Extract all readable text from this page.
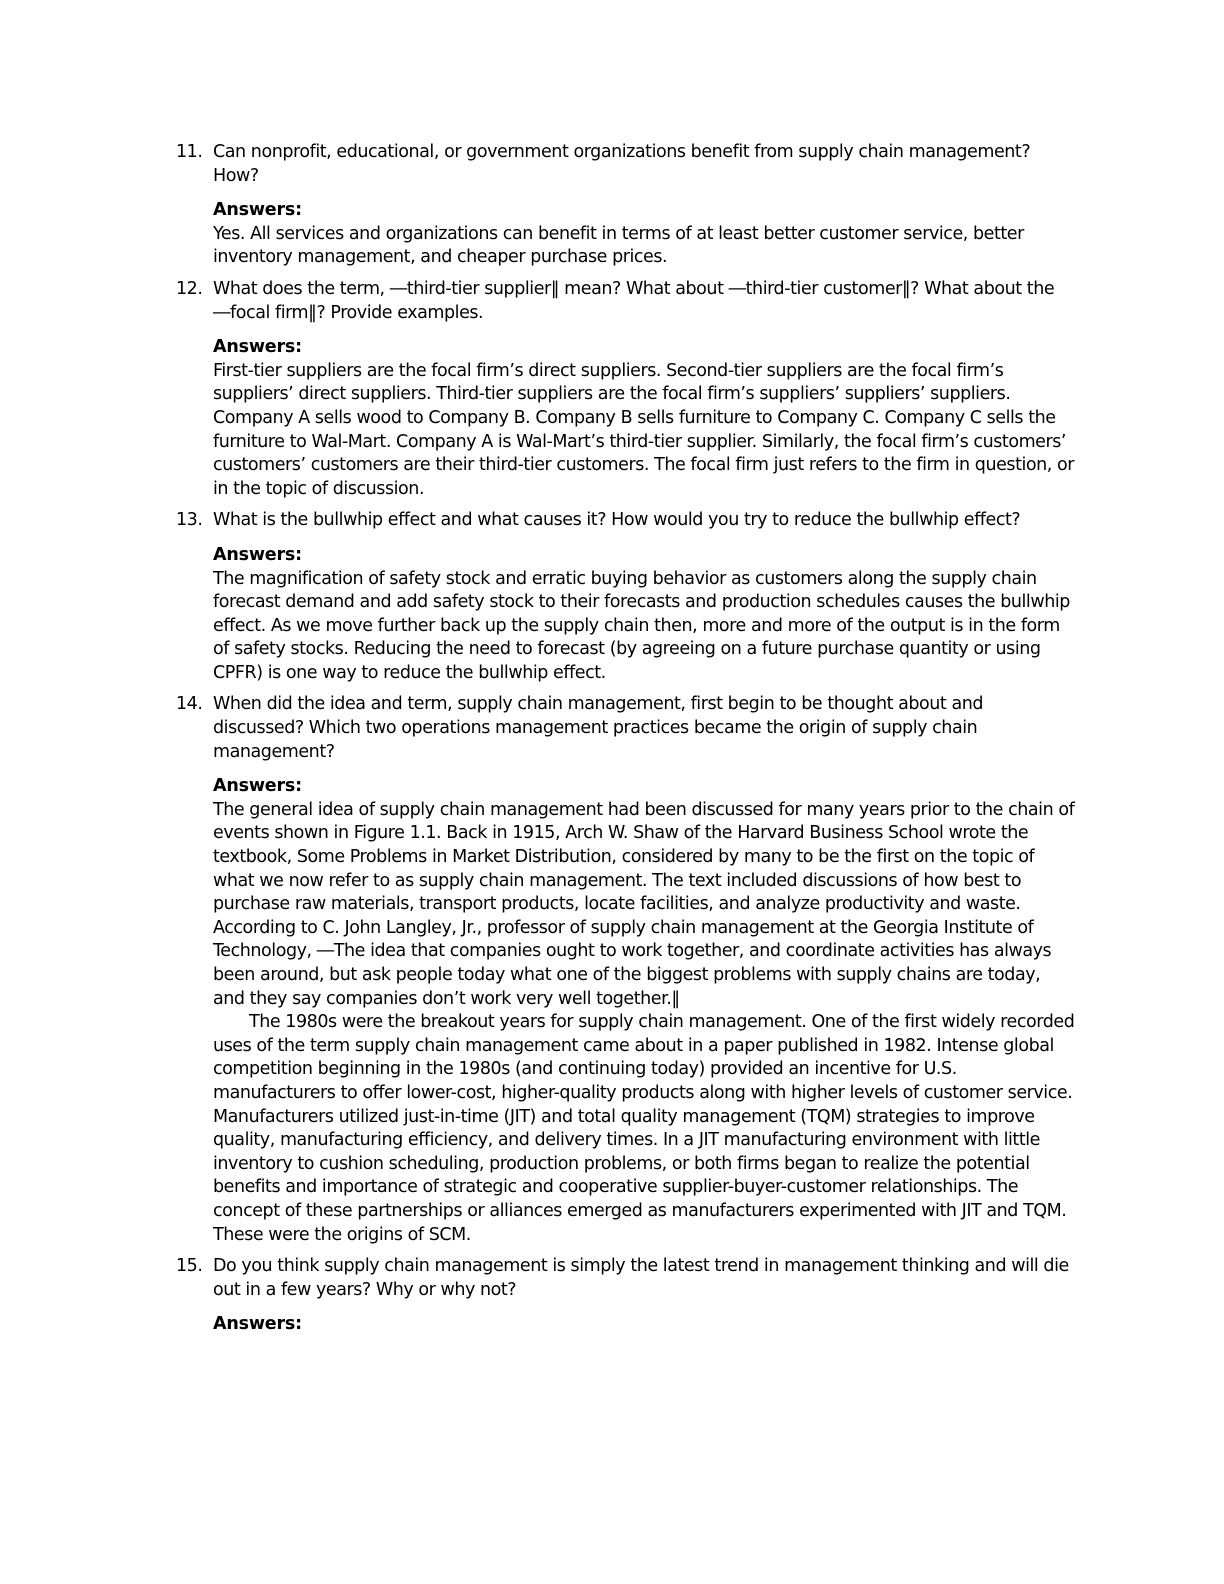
11. Can nonprofit, educational, or government organizations benefit from supply chain management? How?

Answers:

Yes. All services and organizations can benefit in terms of at least better customer service, better inventory management, and cheaper purchase prices.

12. What does the term, ―third-tier supplier‖ mean? What about ―third-tier customer‖? What about the ―focal firm‖? Provide examples.

Answers:

First-tier suppliers are the focal firm’s direct suppliers. Second-tier suppliers are the focal firm’s suppliers’ direct suppliers. Third-tier suppliers are the focal firm’s suppliers’ suppliers’ suppliers. Company A sells wood to Company B. Company B sells furniture to Company C. Company C sells the furniture to Wal-Mart. Company A is Wal-Mart’s third-tier supplier. Similarly, the focal firm’s customers’ customers’ customers are their third-tier customers. The focal firm just refers to the firm in question, or in the topic of discussion.

13. What is the bullwhip effect and what causes it? How would you try to reduce the bullwhip effect?

Answers:

The magnification of safety stock and erratic buying behavior as customers along the supply chain forecast demand and add safety stock to their forecasts and production schedules causes the bullwhip effect. As we move further back up the supply chain then, more and more of the output is in the form of safety stocks. Reducing the need to forecast (by agreeing on a future purchase quantity or using CPFR) is one way to reduce the bullwhip effect.

14. When did the idea and term, supply chain management, first begin to be thought about and discussed? Which two operations management practices became the origin of supply chain management?

Answers:

The general idea of supply chain management had been discussed for many years prior to the chain of events shown in Figure 1.1. Back in 1915, Arch W. Shaw of the Harvard Business School wrote the textbook, Some Problems in Market Distribution, considered by many to be the first on the topic of what we now refer to as supply chain management. The text included discussions of how best to purchase raw materials, transport products, locate facilities, and analyze productivity and waste. According to C. John Langley, Jr., professor of supply chain management at the Georgia Institute of Technology, ―The idea that companies ought to work together, and coordinate activities has always been around, but ask people today what one of the biggest problems with supply chains are today, and they say companies don’t work very well together.‖

The 1980s were the breakout years for supply chain management. One of the first widely recorded uses of the term supply chain management came about in a paper published in 1982. Intense global competition beginning in the 1980s (and continuing today) provided an incentive for U.S. manufacturers to offer lower-cost, higher-quality products along with higher levels of customer service. Manufacturers utilized just-in-time (JIT) and total quality management (TQM) strategies to improve quality, manufacturing efficiency, and delivery times. In a JIT manufacturing environment with little inventory to cushion scheduling, production problems, or both firms began to realize the potential benefits and importance of strategic and cooperative supplier-buyer-customer relationships. The concept of these partnerships or alliances emerged as manufacturers experimented with JIT and TQM. These were the origins of SCM.

15. Do you think supply chain management is simply the latest trend in management thinking and will die out in a few years? Why or why not?

Answers:
